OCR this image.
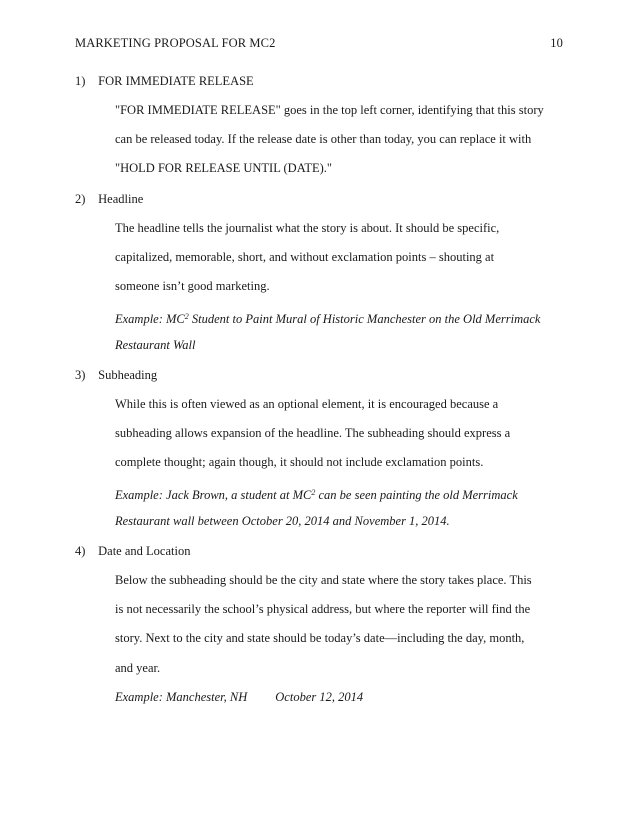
MARKETING PROPOSAL FOR MC2	10
1) FOR IMMEDIATE RELEASE
"FOR IMMEDIATE RELEASE" goes in the top left corner, identifying that this story
can be released today. If the release date is other than today, you can replace it with
"HOLD FOR RELEASE UNTIL (DATE)."
2) Headline
The headline tells the journalist what the story is about. It should be specific,
capitalized, memorable, short, and without exclamation points – shouting at
someone isn’t good marketing.
Example: $MC^2$ Student to Paint Mural of Historic Manchester on the Old Merrimack
Restaurant Wall
3) Subheading
While this is often viewed as an optional element, it is encouraged because a
subheading allows expansion of the headline. The subheading should express a
complete thought; again though, it should not include exclamation points.
Example: Jack Brown, a student at $MC^2$ can be seen painting the old Merrimack
Restaurant wall between October 20, 2014 and November 1, 2014.
4) Date and Location
Below the subheading should be the city and state where the story takes place. This
is not necessarily the school’s physical address, but where the reporter will find the
story. Next to the city and state should be today’s date—including the day, month,
and year.
Example: Manchester, NH October 12, 2014
